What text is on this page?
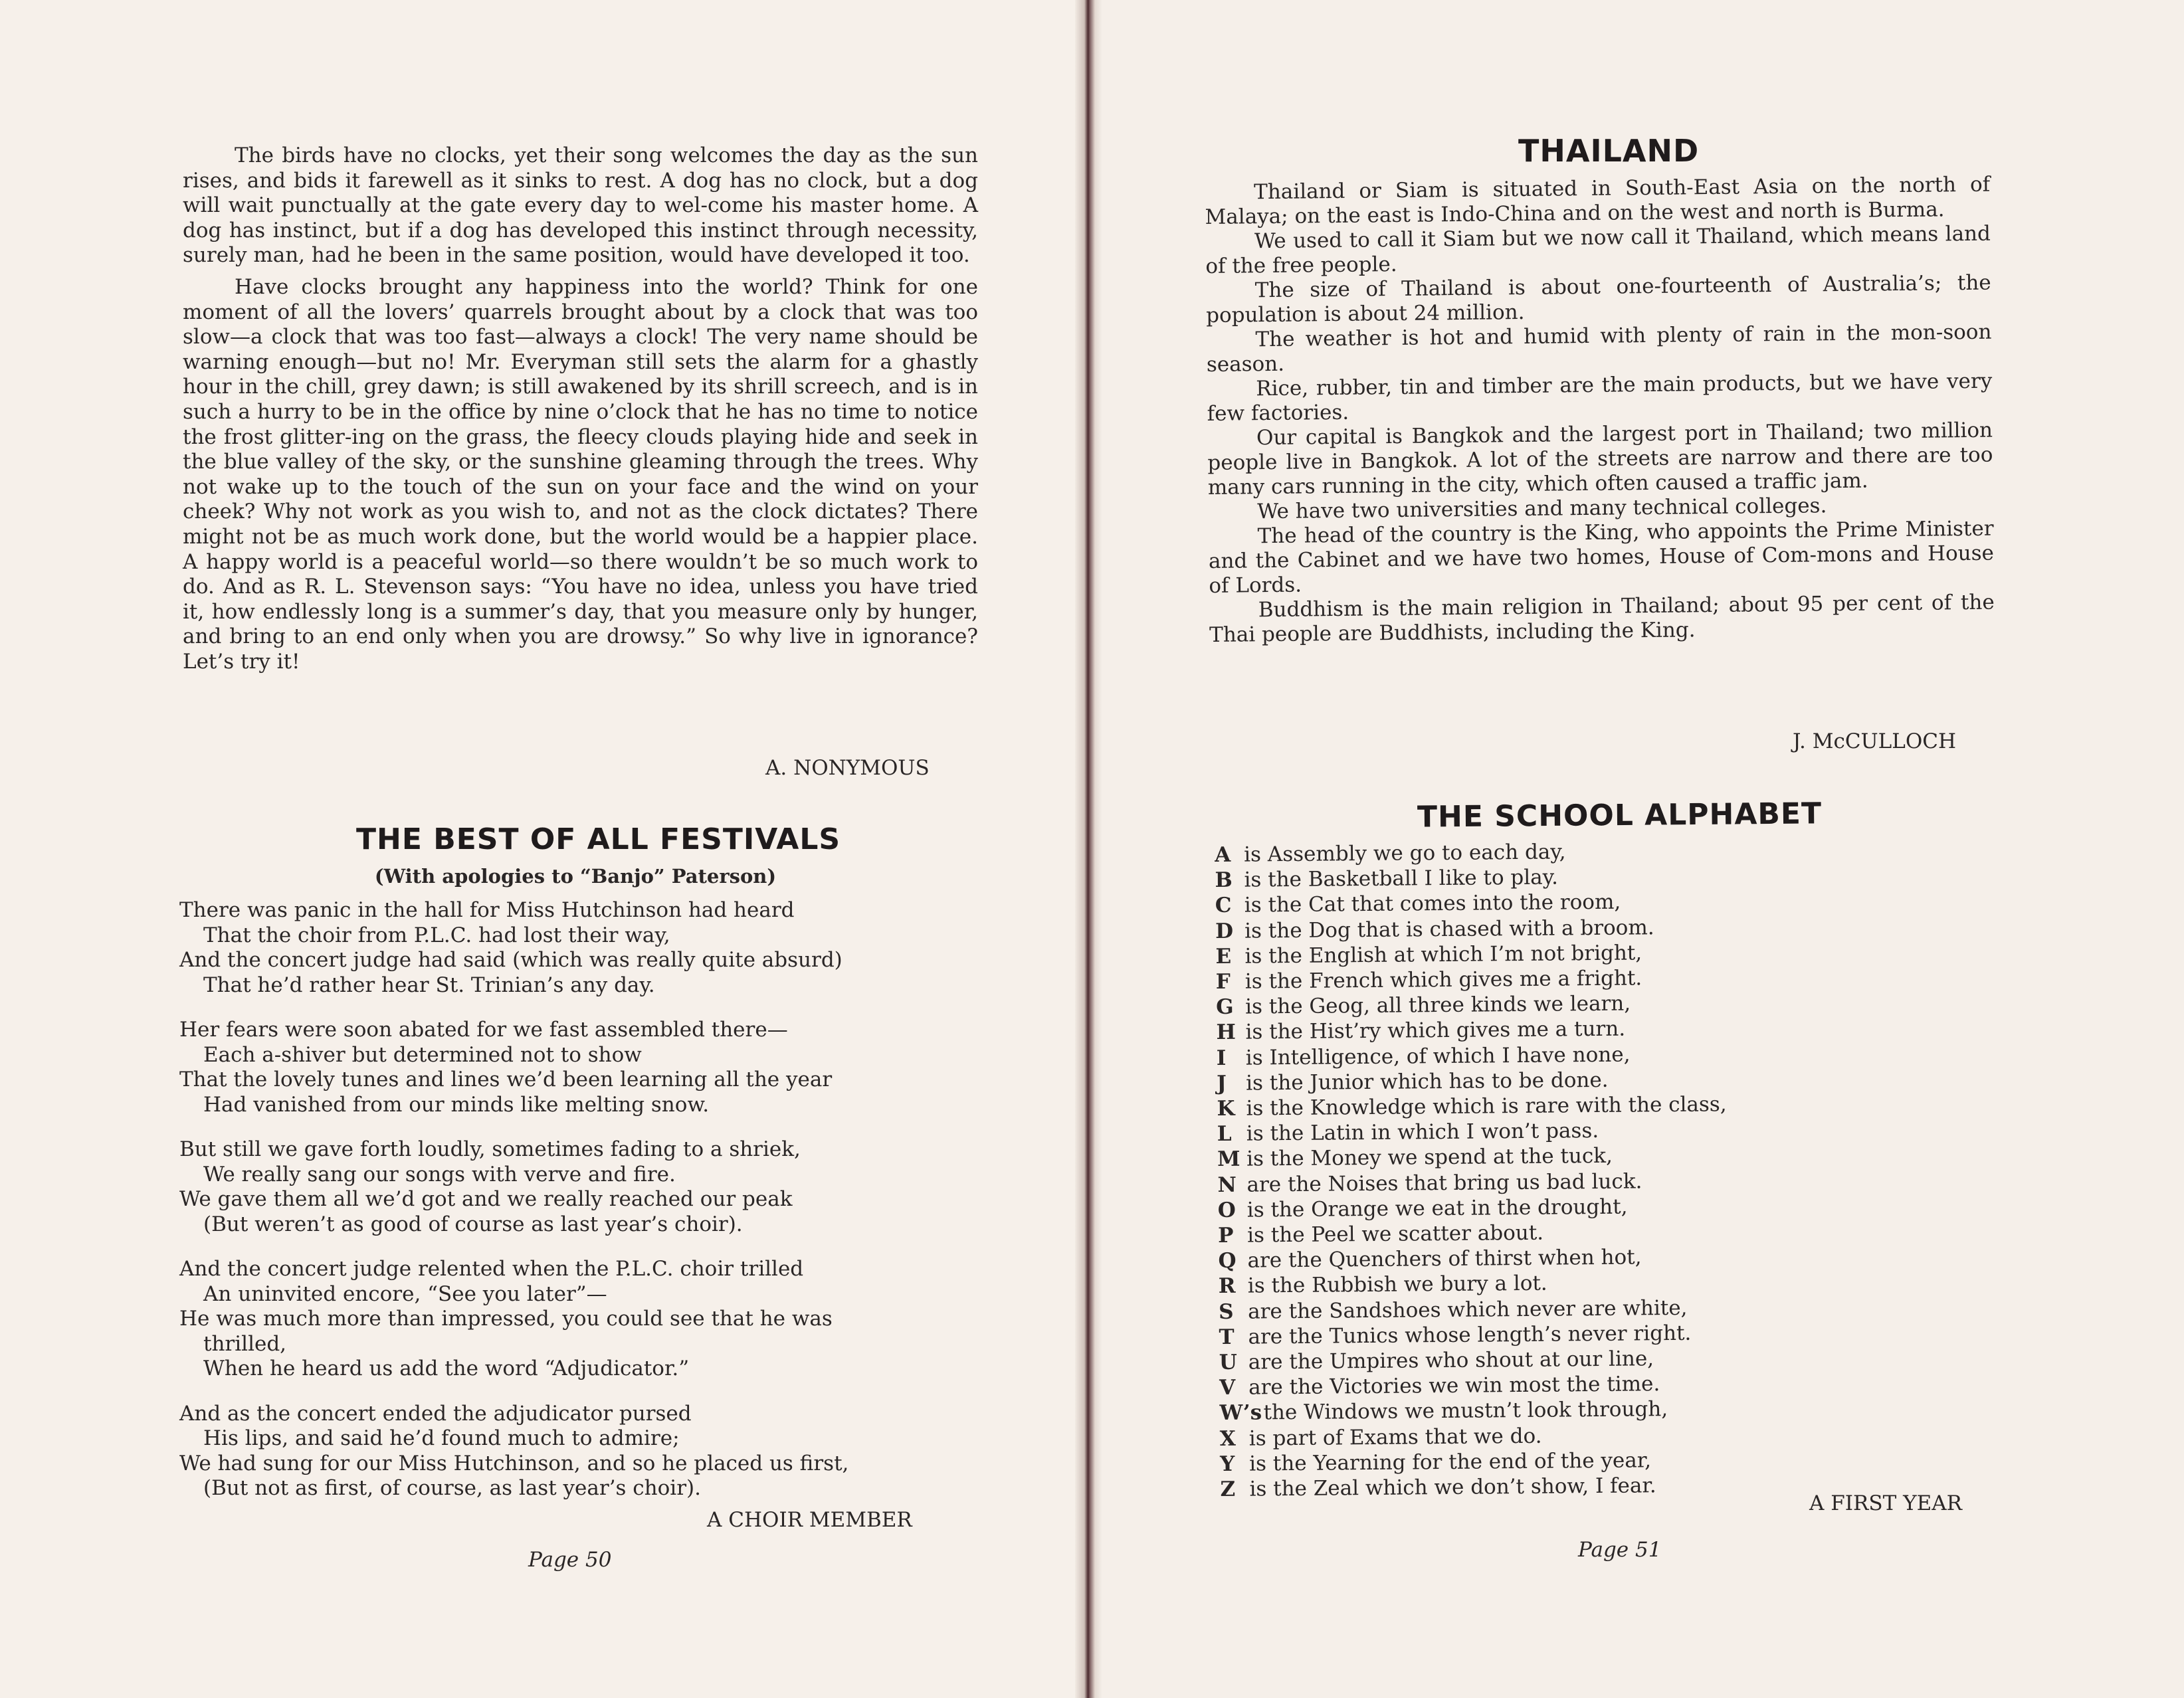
The birds have no clocks, yet their song welcomes the day as the sun rises, and bids it farewell as it sinks to rest. A dog has no clock, but a dog will wait punctually at the gate every day to wel-come his master home. A dog has instinct, but if a dog has developed this instinct through necessity, surely man, had he been in the same position, would have developed it too.

Have clocks brought any happiness into the world? Think for one moment of all the lovers’ quarrels brought about by a clock that was too slow—a clock that was too fast—always a clock! The very name should be warning enough—but no! Mr. Everyman still sets the alarm for a ghastly hour in the chill, grey dawn; is still awakened by its shrill screech, and is in such a hurry to be in the office by nine o’clock that he has no time to notice the frost glitter-ing on the grass, the fleecy clouds playing hide and seek in the blue valley of the sky, or the sunshine gleaming through the trees. Why not wake up to the touch of the sun on your face and the wind on your cheek? Why not work as you wish to, and not as the clock dictates? There might not be as much work done, but the world would be a happier place. A happy world is a peaceful world—so there wouldn’t be so much work to do. And as R. L. Stevenson says: “You have no idea, unless you have tried it, how endlessly long is a summer’s day, that you measure only by hunger, and bring to an end only when you are drowsy.” So why live in ignorance? Let’s try it!

A. NONYMOUS

THE BEST OF ALL FESTIVALS

(With apologies to “Banjo” Paterson)

There was panic in the hall for Miss Hutchinson had heard

That the choir from P.L.C. had lost their way,

And the concert judge had said (which was really quite absurd)

That he’d rather hear St. Trinian’s any day.

Her fears were soon abated for we fast assembled there—

Each a-shiver but determined not to show

That the lovely tunes and lines we’d been learning all the year

Had vanished from our minds like melting snow.

But still we gave forth loudly, sometimes fading to a shriek,

We really sang our songs with verve and fire.

We gave them all we’d got and we really reached our peak

(But weren’t as good of course as last year’s choir).

And the concert judge relented when the P.L.C. choir trilled

An uninvited encore, “See you later”—

He was much more than impressed, you could see that he was

thrilled,

When he heard us add the word “Adjudicator.”

And as the concert ended the adjudicator pursed

His lips, and said he’d found much to admire;

We had sung for our Miss Hutchinson, and so he placed us first,

(But not as first, of course, as last year’s choir).

A CHOIR MEMBER

Page 50

THAILAND

Thailand or Siam is situated in South-East Asia on the north of Malaya; on the east is Indo-China and on the west and north is Burma.

We used to call it Siam but we now call it Thailand, which means land of the free people.

The size of Thailand is about one-fourteenth of Australia’s; the population is about 24 million.

The weather is hot and humid with plenty of rain in the mon-soon season.

Rice, rubber, tin and timber are the main products, but we have very few factories.

Our capital is Bangkok and the largest port in Thailand; two million people live in Bangkok. A lot of the streets are narrow and there are too many cars running in the city, which often caused a traffic jam.

We have two universities and many technical colleges.

The head of the country is the King, who appoints the Prime Minister and the Cabinet and we have two homes, House of Com-mons and House of Lords.

Buddhism is the main religion in Thailand; about 95 per cent of the Thai people are Buddhists, including the King.

J. McCULLOCH

THE SCHOOL ALPHABET

A is Assembly we go to each day,
B is the Basketball I like to play.
C is the Cat that comes into the room,
D is the Dog that is chased with a broom.
E is the English at which I’m not bright,
F is the French which gives me a fright.
G is the Geog, all three kinds we learn,
H is the Hist’ry which gives me a turn.
I is Intelligence, of which I have none,
J is the Junior which has to be done.
K is the Knowledge which is rare with the class,
L is the Latin in which I won’t pass.
M is the Money we spend at the tuck,
N are the Noises that bring us bad luck.
O is the Orange we eat in the drought,
P is the Peel we scatter about.
Q are the Quenchers of thirst when hot,
R is the Rubbish we bury a lot.
S are the Sandshoes which never are white,
T are the Tunics whose length’s never right.
U are the Umpires who shout at our line,
V are the Victories we win most the time.
W’s the Windows we mustn’t look through,
X is part of Exams that we do.
Y is the Yearning for the end of the year,
Z is the Zeal which we don’t show, I fear.

A FIRST YEAR

Page 51
